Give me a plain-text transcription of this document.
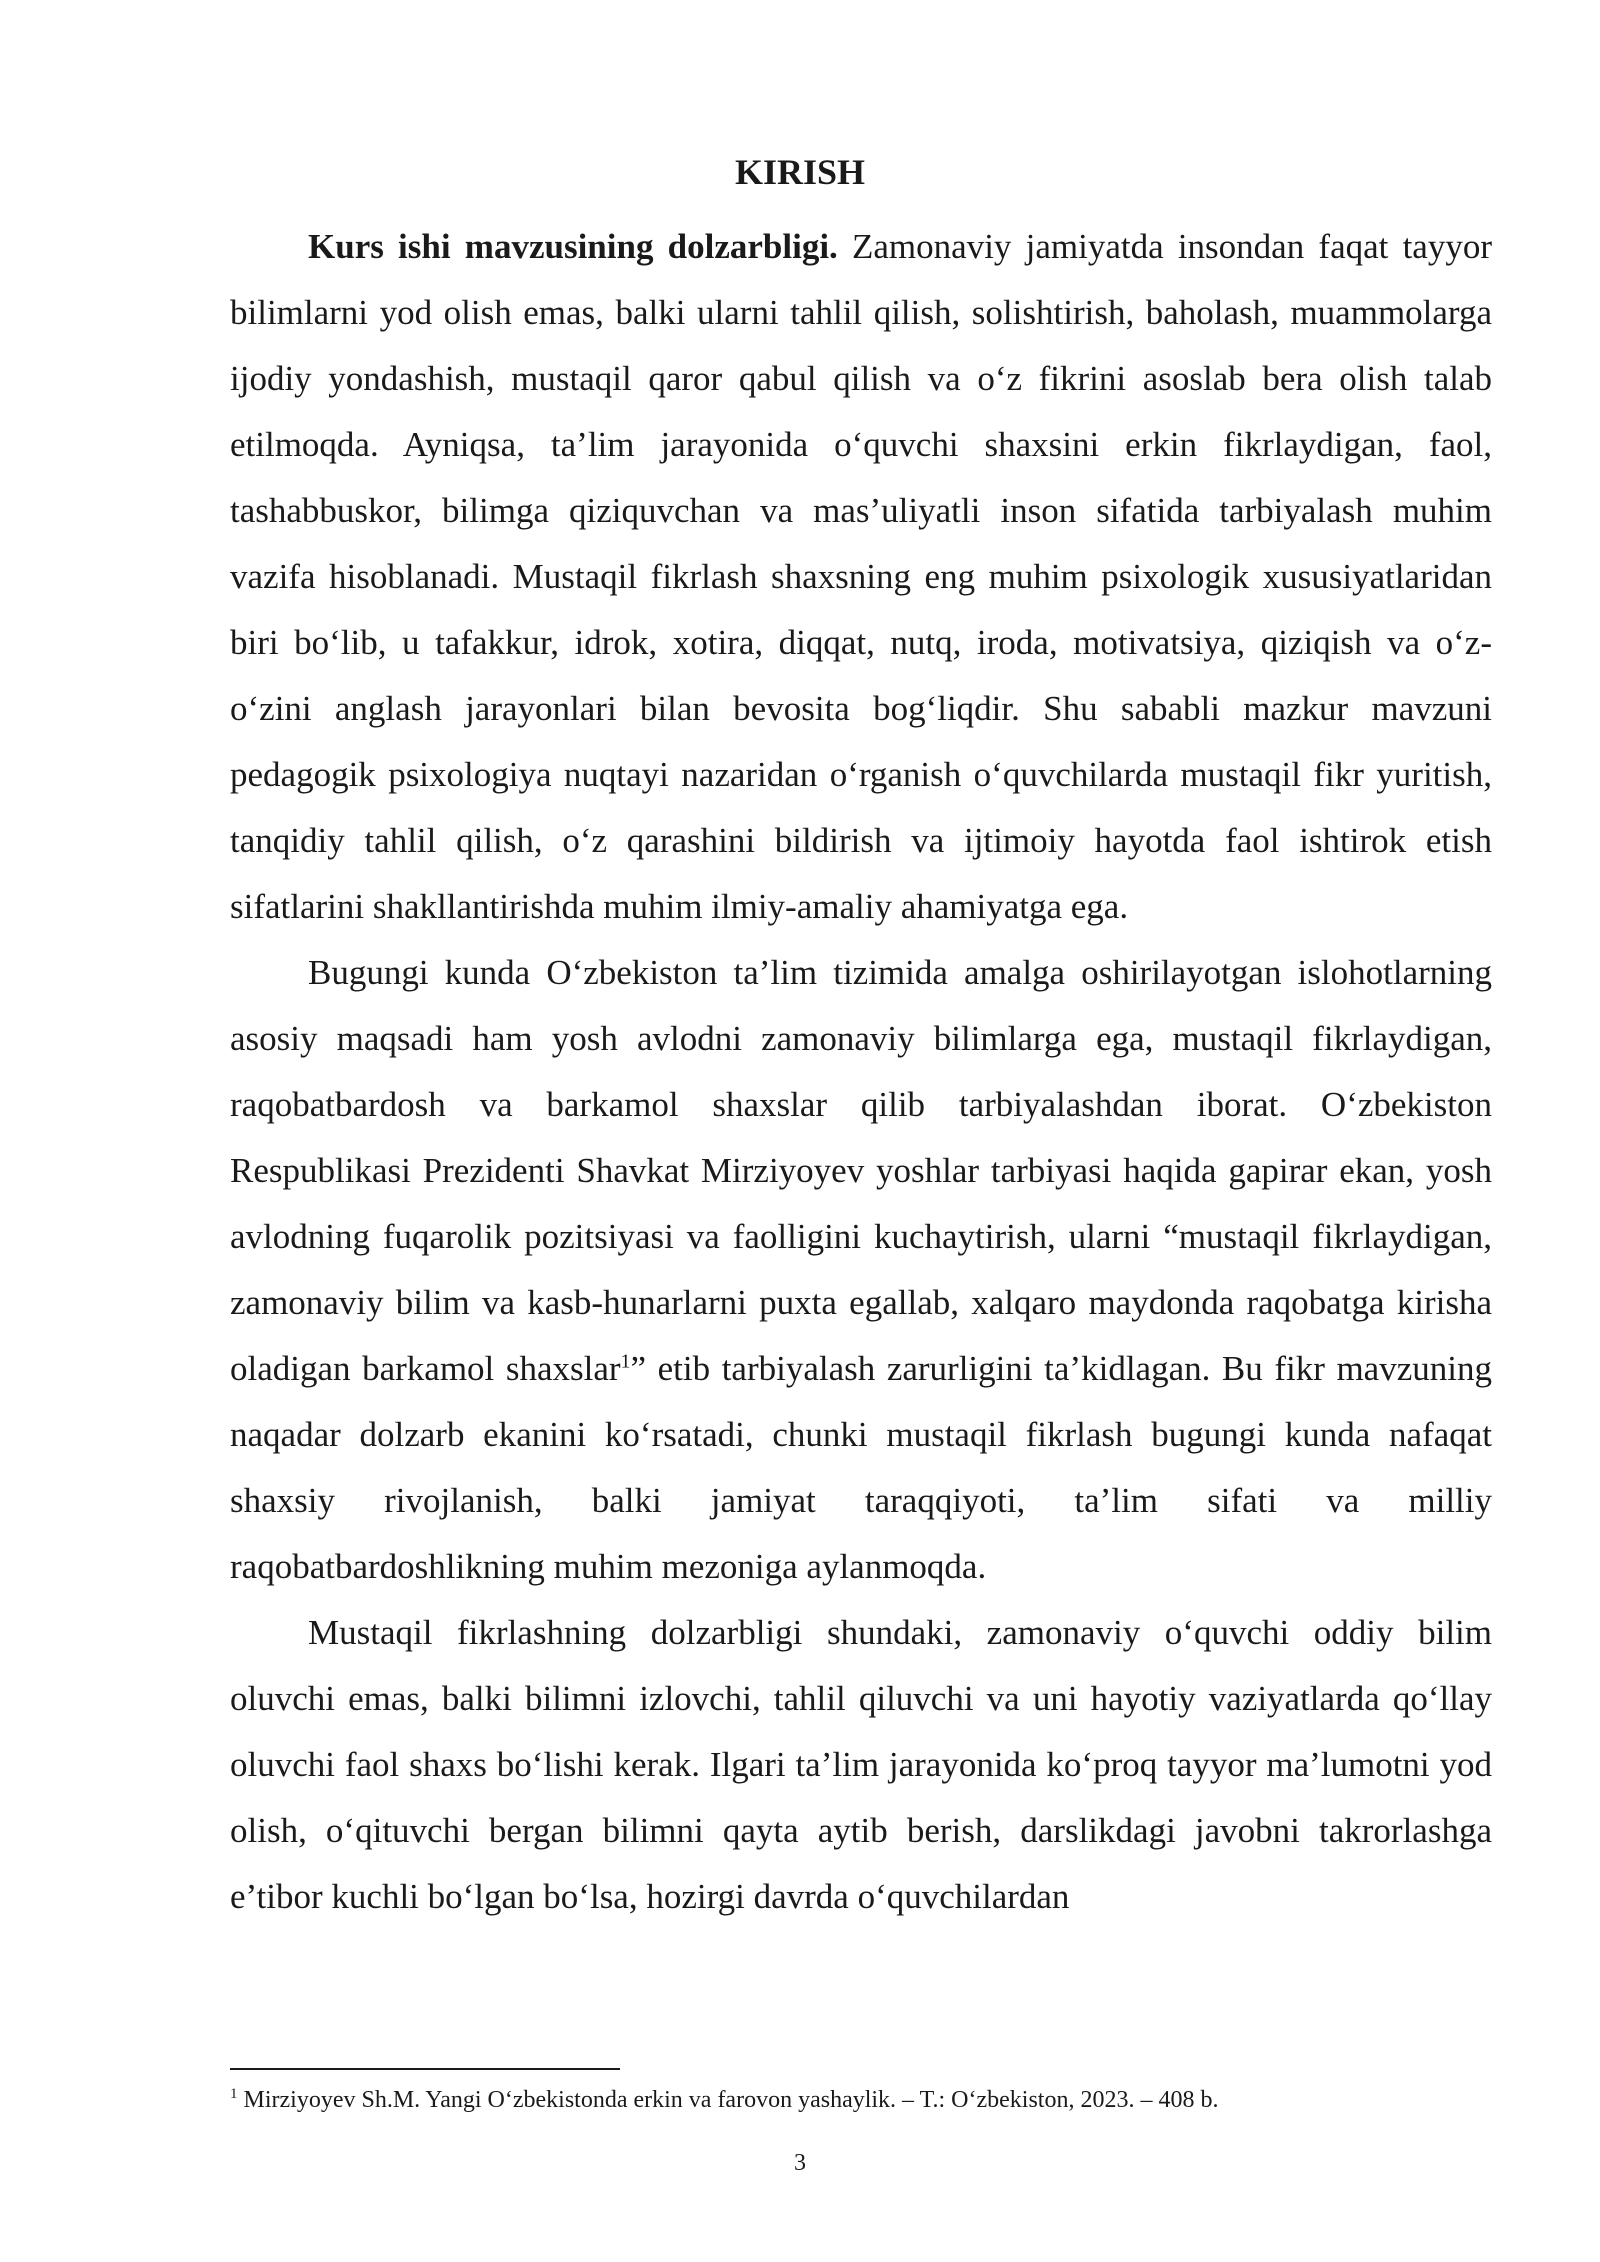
KIRISH

Kurs ishi mavzusining dolzarbligi. Zamonaviy jamiyatda insondan faqat tayyor bilimlarni yod olish emas, balki ularni tahlil qilish, solishtirish, baholash, muammolarga ijodiy yondashish, mustaqil qaror qabul qilish va o‘z fikrini asoslab bera olish talab etilmoqda. Ayniqsa, ta’lim jarayonida o‘quvchi shaxsini erkin fikrlaydigan, faol, tashabbuskor, bilimga qiziquvchan va mas’uliyatli inson sifatida tarbiyalash muhim vazifa hisoblanadi. Mustaqil fikrlash shaxsning eng muhim psixologik xususiyatlaridan biri bo‘lib, u tafakkur, idrok, xotira, diqqat, nutq, iroda, motivatsiya, qiziqish va o‘z-o‘zini anglash jarayonlari bilan bevosita bog‘liqdir. Shu sababli mazkur mavzuni pedagogik psixologiya nuqtayi nazaridan o‘rganish o‘quvchilarda mustaqil fikr yuritish, tanqidiy tahlil qilish, o‘z qarashini bildirish va ijtimoiy hayotda faol ishtirok etish sifatlarini shakllantirishda muhim ilmiy-amaliy ahamiyatga ega.

Bugungi kunda O‘zbekiston ta’lim tizimida amalga oshirilayotgan islohotlarning asosiy maqsadi ham yosh avlodni zamonaviy bilimlarga ega, mustaqil fikrlaydigan, raqobatbardosh va barkamol shaxslar qilib tarbiyalashdan iborat. O‘zbekiston Respublikasi Prezidenti Shavkat Mirziyoyev yoshlar tarbiyasi haqida gapirar ekan, yosh avlodning fuqarolik pozitsiyasi va faolligini kuchaytirish, ularni “mustaqil fikrlaydigan, zamonaviy bilim va kasb-hunarlarni puxta egallab, xalqaro maydonda raqobatga kirisha oladigan barkamol shaxslar$^1$” etib tarbiyalash zarurligini ta’kidlagan. Bu fikr mavzuning naqadar dolzarb ekanini ko‘rsatadi, chunki mustaqil fikrlash bugungi kunda nafaqat shaxsiy rivojlanish, balki jamiyat taraqqiyoti, ta’lim sifati va milliy raqobatbardoshlikning muhim mezoniga aylanmoqda.

Mustaqil fikrlashning dolzarbligi shundaki, zamonaviy o‘quvchi oddiy bilim oluvchi emas, balki bilimni izlovchi, tahlil qiluvchi va uni hayotiy vaziyatlarda qo‘llay oluvchi faol shaxs bo‘lishi kerak. Ilgari ta’lim jarayonida ko‘proq tayyor ma’lumotni yod olish, o‘qituvchi bergan bilimni qayta aytib berish, darslikdagi javobni takrorlashga e’tibor kuchli bo‘lgan bo‘lsa, hozirgi davrda o‘quvchilardan

$^1$ Mirziyoyev Sh.M. Yangi O‘zbekistonda erkin va farovon yashaylik. – T.: O‘zbekiston, 2023. – 408 b.

3
